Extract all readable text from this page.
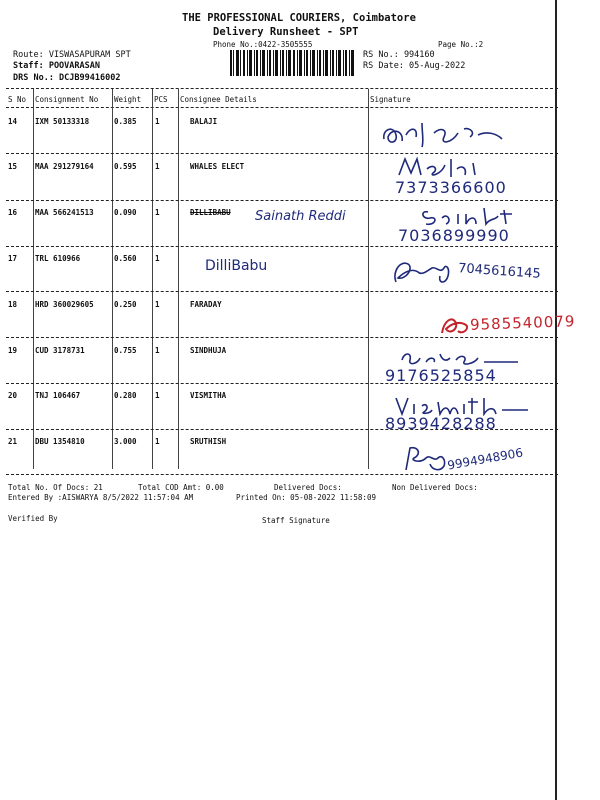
THE PROFESSIONAL COURIERS, Coimbatore
Delivery Runsheet - SPT
Phone No.:0422-3505555	Page No.:2
Route: VISWASAPURAM SPT
Staff: POOVARASAN
DRS No.: DCJB99416002
RS No.: 994160
RS Date: 05-Aug-2022
S No Consignment No Weight PCS Consignee Details	Signature
14 IXM 50133318	0.385 1	BALAJI
15 MAA 291279164	0.595 1	WHALES ELECT
16 MAA 566241513	0.090 1	DILLIBABU
17 TRL 610966	0.560 1
18 HRD 360029605	0.250 1	FARADAY
19 CUD 3178731	0.755 1	SINDHUJA
20 TNJ 106467	0.280 1	VISMITHA
21 DBU 1354810	3.000 1	SRUTHISH
7373366600
Sainath Reddi
7036899990
DilliBabu	7045616145
9585540079
9176525854
8939428288
9994948906
Total No. Of Docs: 21	Total COD Amt: 0.00	Delivered Docs:	Non Delivered Docs:
Entered By :AISWARYA 8/5/2022 11:57:04 AM	Printed On: 05-08-2022 11:58:09
Verified By	Staff Signature
